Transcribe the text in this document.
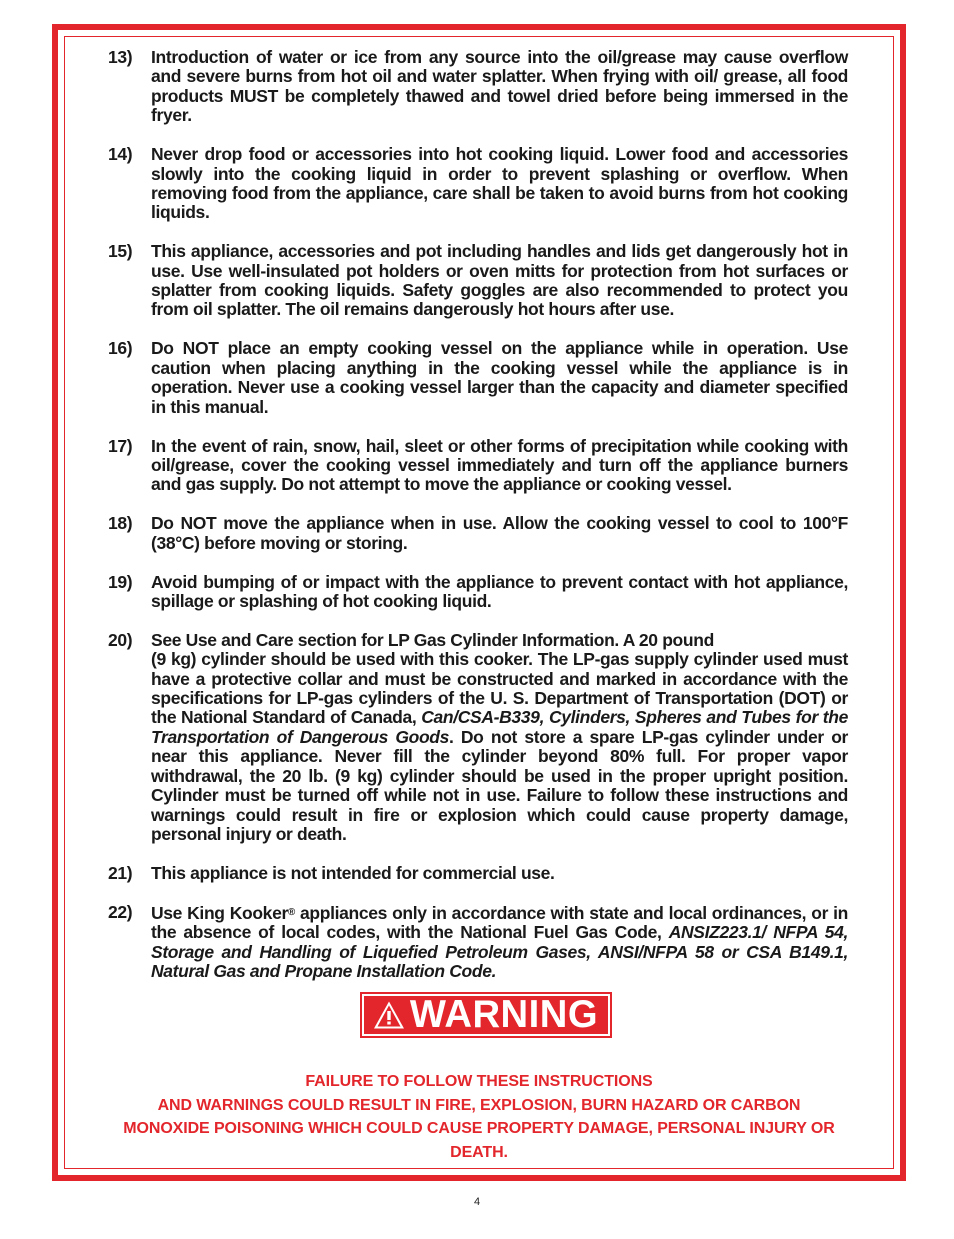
13)	Introduction of water or ice from any source into the oil/grease may cause overflow and severe burns from hot oil and water splatter. When frying with oil/ grease, all food products MUST be completely thawed and towel dried before being immersed in the fryer.
14)	Never drop food or accessories into hot cooking liquid. Lower food and accessories slowly into the cooking liquid in order to prevent splashing or overflow. When removing food from the appliance, care shall be taken to avoid burns from hot cooking liquids.
15)	This appliance, accessories and pot including handles and lids get dangerously hot in use. Use well-insulated pot holders or oven mitts for protection from hot surfaces or splatter from cooking liquids. Safety goggles are also recommended to protect you from oil splatter. The oil remains dangerously hot hours after use.
16)	Do NOT place an empty cooking vessel on the appliance while in operation. Use caution when placing anything in the cooking vessel while the appliance is in operation. Never use a cooking vessel larger than the capacity and diameter specified in this manual.
17)	In the event of rain, snow, hail, sleet or other forms of precipitation while cooking with oil/grease, cover the cooking vessel immediately and turn off the appliance burners and gas supply. Do not attempt to move the appliance or cooking vessel.
18)	Do NOT move the appliance when in use. Allow the cooking vessel to cool to 100°F (38°C) before moving or storing.
19)	Avoid bumping of or impact with the appliance to prevent contact with hot appliance, spillage or splashing of hot cooking liquid.
20)	See Use and Care section for LP Gas Cylinder Information. A 20 pound
(9 kg) cylinder should be used with this cooker. The LP-gas supply cylinder used must have a protective collar and must be constructed and marked in accordance with the specifications for LP-gas cylinders of the U. S. Department of Transportation (DOT) or the National Standard of Canada, Can/CSA-B339, Cylinders, Spheres and Tubes for the Transportation of Dangerous Goods. Do not store a spare LP-gas cylinder under or near this appliance. Never fill the cylinder beyond 80% full. For proper vapor withdrawal, the 20 lb. (9 kg) cylinder should be used in the proper upright position. Cylinder must be turned off while not in use. Failure to follow these instructions and warnings could result in fire or explosion which could cause property damage, personal injury or death.
21)	This appliance is not intended for commercial use.
22)	Use King Kooker® appliances only in accordance with state and local ordinances, or in the absence of local codes, with the National Fuel Gas Code, ANSIZ223.1/ NFPA 54, Storage and Handling of Liquefied Petroleum Gases, ANSI/NFPA 58 or CSA B149.1, Natural Gas and Propane Installation Code.
WARNING
FAILURE TO FOLLOW THESE INSTRUCTIONS
AND WARNINGS COULD RESULT IN FIRE, EXPLOSION, BURN HAZARD OR CARBON
MONOXIDE POISONING WHICH COULD CAUSE PROPERTY DAMAGE, PERSONAL INJURY OR
DEATH.
4
